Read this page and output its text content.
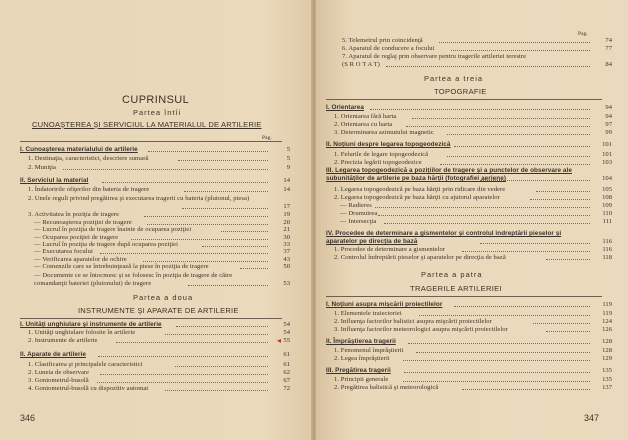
CUPRINSUL
Partea întîi
CUNOAŞTEREA ŞI SERVICIUL LA MATERIALUL DE ARTILERIE
Pag.
I. Cunoaşterea materialului de artilerie	5
1. Destinaţia, caracteristici, descriere sumară	5
2. Muniţia	9
II. Serviciul la material	14
1. Îndatoririle ofiţerilor din bateria de tragere	14
2. Unele reguli privind pregătirea şi executarea tragerii cu bateria (plutonul, piesa)
17
3. Activitatea în poziţia de tragere	19
— Recunoaşterea poziţiei de tragere	20
— Lucrul în poziţia de tragere înainte de ocuparea poziţiei	21
— Ocuparea poziţiei de tragere	30
— Lucrul în poziţia de tragere după ocuparea poziţiei	33
— Executarea focului	37
— Verificarea aparatelor de ochire	43
— Comenzile care se întrebuinţează la piese în poziţia de tragere	50
— Documente ce se întocmesc şi se folosesc în poziţia de tragere de către comandanţii bateriei (plutonului) de tragere	53
Partea a doua
INSTRUMENTE ŞI APARATE DE ARTILERIE
I. Unităţi unghiulare şi instrumente de artilerie	54
1. Unităţi unghiulare folosite în artilerie	54
2. Instrumente de artilerie	55
II. Aparate de artilerie	61
1. Clasificarea şi principalele caracteristici	61
2. Luneta de observare	62
3. Goniometrul-busolă	67
4. Goniometrul-busolă cu dispozitiv automat	72
◂
346
Pag.
5. Telemetrul prin coincidenţă	74
6. Aparatul de conducere a focului	77
7. Aparatul de reglaj prin observare pentru tragerile artileriei terestre
(S R O T A T)	84
Partea a treia
TOPOGRAFIE
I. Orientarea	94
1. Orientarea fără harta	94
2. Orientarea cu harta	97
3. Determinarea azimutului magnetic	99
II. Noţiuni despre legarea topogeodezică	101
1. Felurile de legare topogeodezică	101
2. Precizia legării topogeodezice	103
III. Legarea topogeodezică a poziţiilor de tragere şi a punctelor de observare ale subunităţilor de artilerie pe baza hărţii (fotografiei aeriene)	104
1. Legarea topogeodezică pe baza hărţii prin ridicare din vedere	105
2. Legarea topogeodezică pe baza hărţii cu ajutorul aparatelor	108
— Radieres	109
— Drumuirea	110
— Intersecţia	111
IV. Procedee de determinare a gismentelor şi controlul îndreptării pieselor şi aparatelor pe direcţia de bază	116
1. Procedee de determinare a gismentelor	116
2. Controlul îndreptării pieselor şi aparatelor pe direcţia de bază	118
Partea a patra
TRAGERILE ARTILERIEI
I. Noţiuni asupra mişcării proiectilelor	119
1. Elementele traiectoriei	119
2. Influenţa factorilor balistici asupra mişcării proiectilelor	124
3. Influenţa factorilor meteorologici asupra mişcării proiectilelor	126
II. Împrăştierea tragerii	128
1. Fenomenul împrăştierii	128
2. Legea împrăştierii	129
III. Pregătirea tragerii	135
1. Principii generale	135
2. Pregătirea balistică şi meteorologică	137
347
